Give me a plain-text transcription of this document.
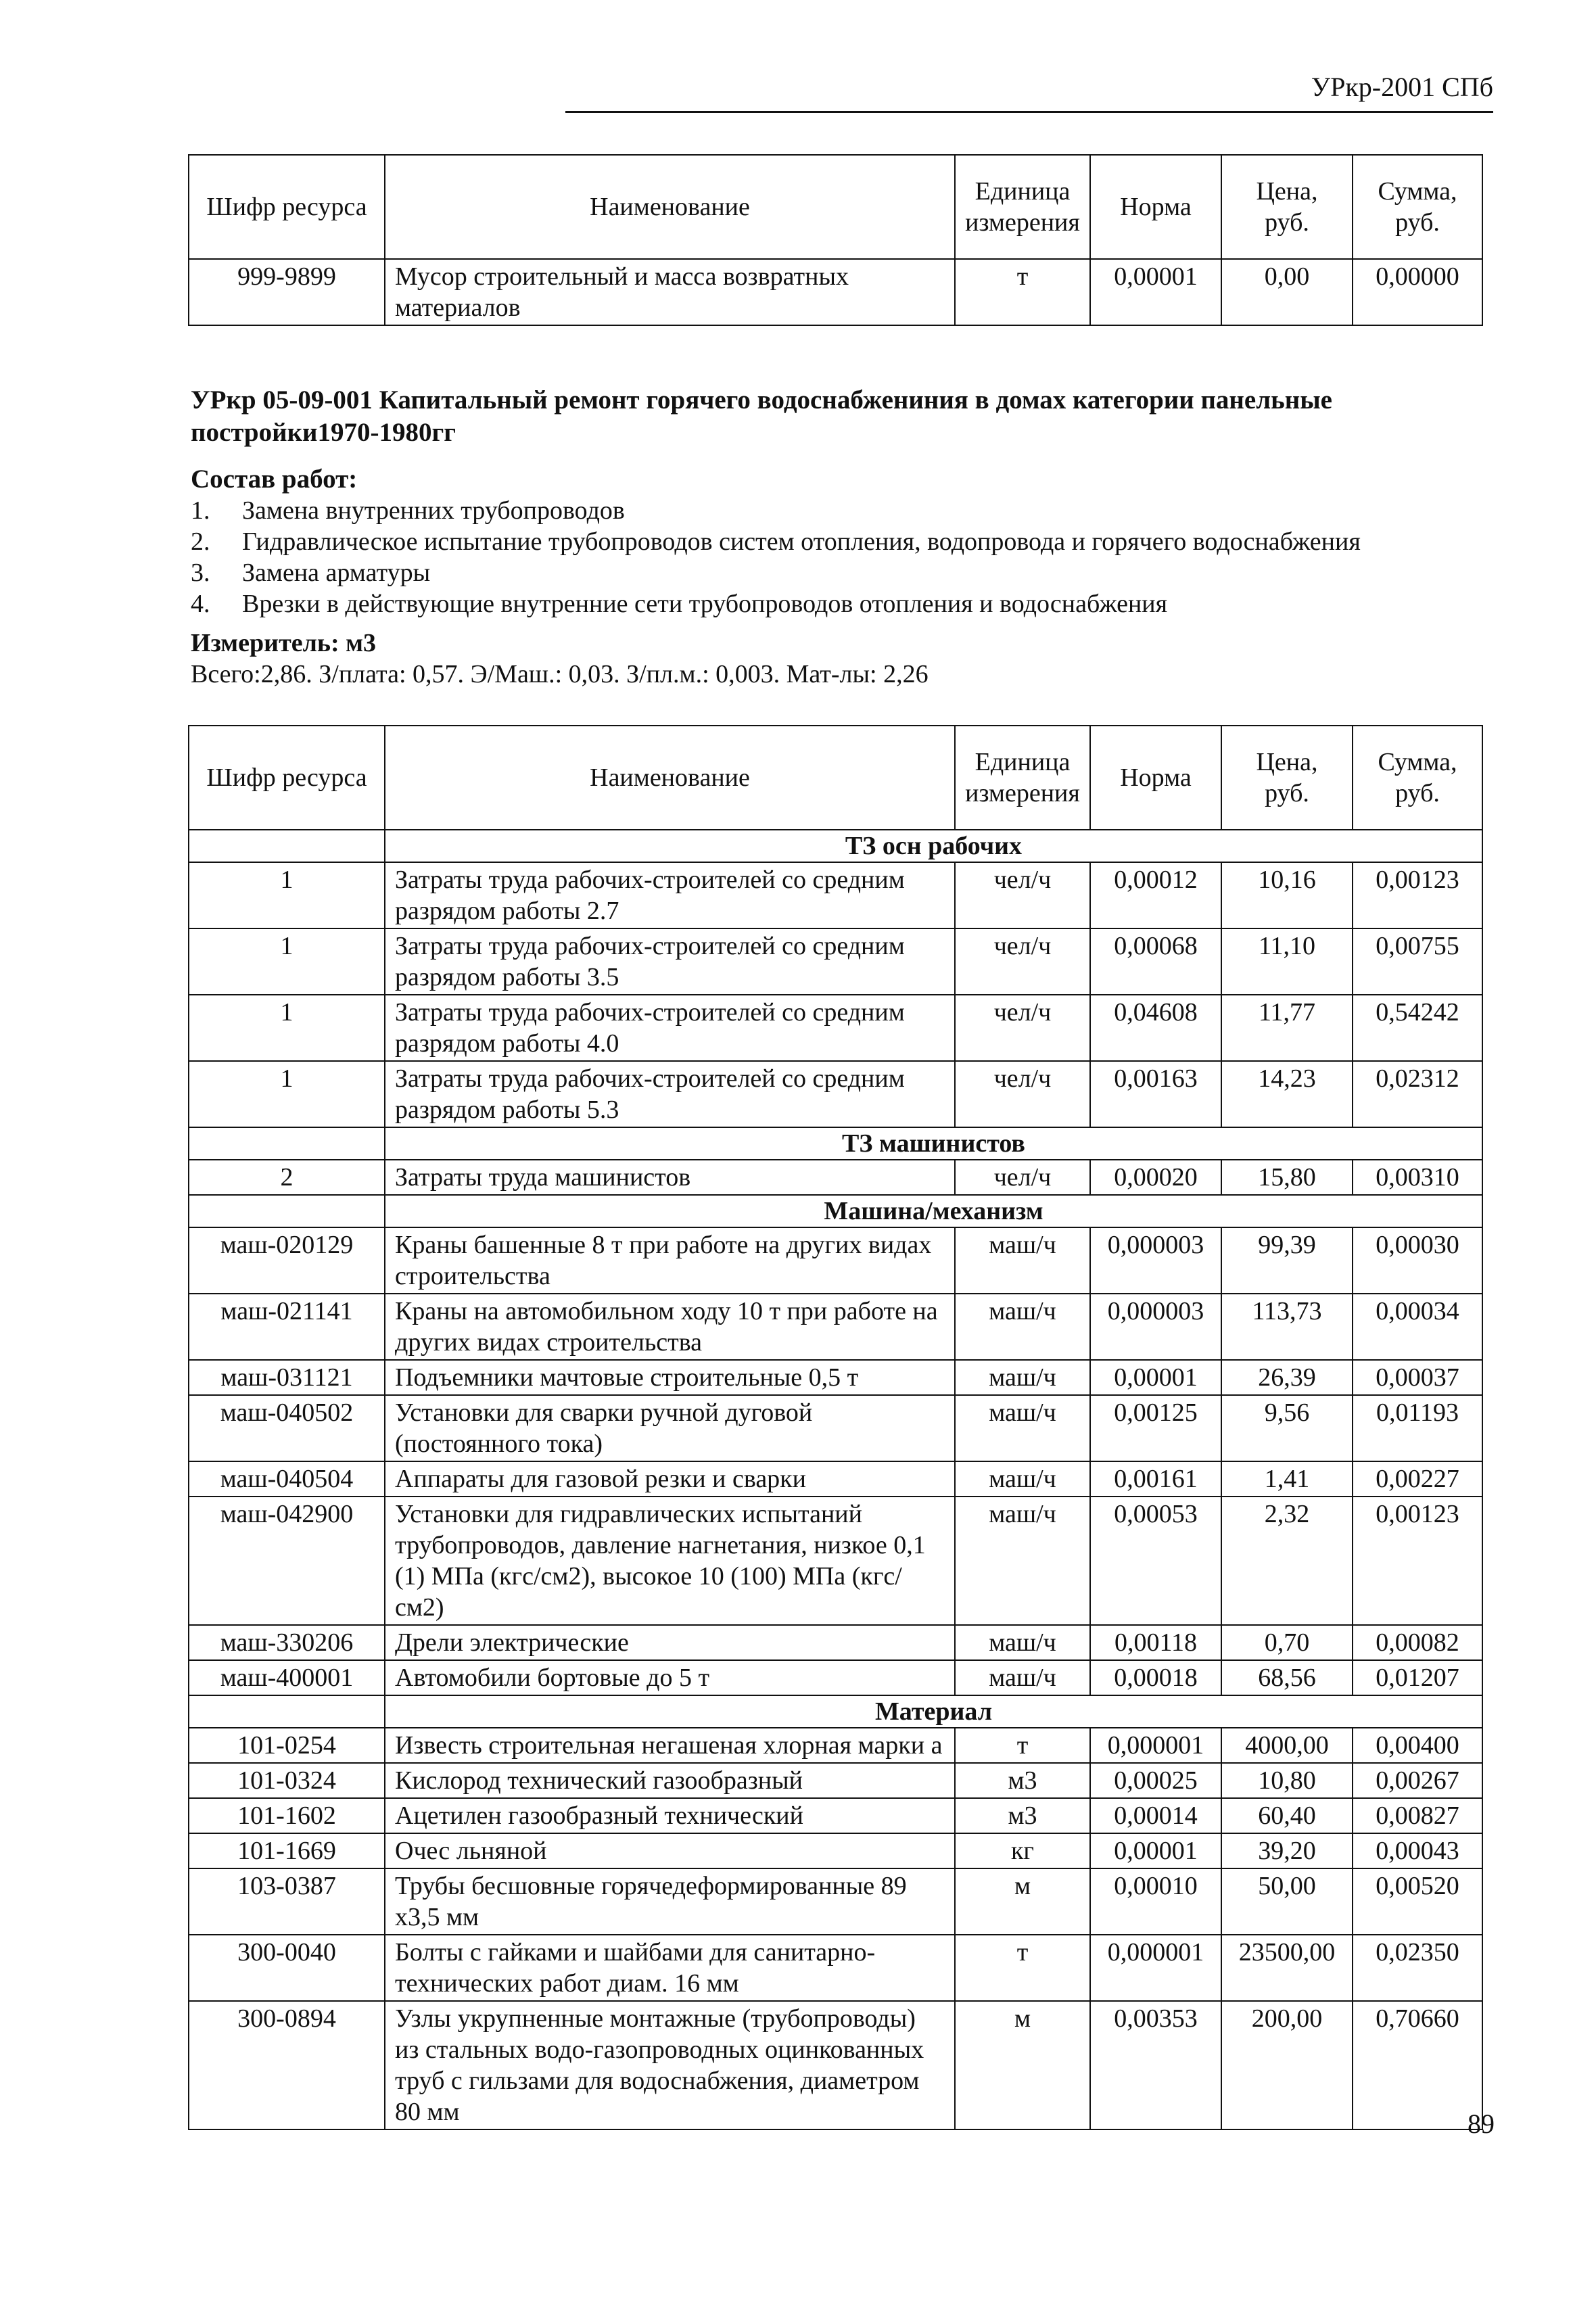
УРкр-2001 СПб
Шифр ресурса	Наименование	Единица измерения	Норма	Цена, руб.	Сумма, руб.
999-9899	Мусор строительный и масса возвратных материалов	т	0,00001	0,00	0,00000
УРкр 05-09-001 Капитальный ремонт горячего водоснабжениния в домах категории панельные постройки1970-1980гг
Состав работ:
1.	Замена внутренних трубопроводов
2.	Гидравлическое испытание трубопроводов систем отопления, водопровода и горячего водоснабжения
3.	Замена арматуры
4.	Врезки в действующие внутренние сети трубопроводов отопления и водоснабжения
Измеритель: м3
Всего:2,86. З/плата: 0,57. Э/Маш.: 0,03. З/пл.м.: 0,003. Мат-лы: 2,26
Шифр ресурса	Наименование	Единица измерения	Норма	Цена, руб.	Сумма, руб.
	ТЗ осн рабочих				
1	Затраты труда рабочих-строителей со средним разрядом работы 2.7	чел/ч	0,00012	10,16	0,00123
1	Затраты труда рабочих-строителей со средним разрядом работы 3.5	чел/ч	0,00068	11,10	0,00755
1	Затраты труда рабочих-строителей со средним разрядом работы 4.0	чел/ч	0,04608	11,77	0,54242
1	Затраты труда рабочих-строителей со средним разрядом работы 5.3	чел/ч	0,00163	14,23	0,02312
	ТЗ машинистов				
2	Затраты труда машинистов	чел/ч	0,00020	15,80	0,00310
	Машина/механизм				
маш-020129	Краны башенные 8 т при работе на других видах строительства	маш/ч	0,000003	99,39	0,00030
маш-021141	Краны на автомобильном ходу 10 т при работе на других видах строительства	маш/ч	0,000003	113,73	0,00034
маш-031121	Подъемники мачтовые строительные 0,5 т	маш/ч	0,00001	26,39	0,00037
маш-040502	Установки для сварки ручной дуговой (постоянного тока)	маш/ч	0,00125	9,56	0,01193
маш-040504	Аппараты для газовой резки и сварки	маш/ч	0,00161	1,41	0,00227
маш-042900	Установки для гидравлических испытаний трубопроводов, давление нагнетания, низкое 0,1 (1) МПа (кгс/см2), высокое 10 (100) МПа (кгс/см2)	маш/ч	0,00053	2,32	0,00123
маш-330206	Дрели электрические	маш/ч	0,00118	0,70	0,00082
маш-400001	Автомобили бортовые до 5 т	маш/ч	0,00018	68,56	0,01207
	Материал				
101-0254	Известь строительная негашеная хлорная марки а	т	0,000001	4000,00	0,00400
101-0324	Кислород технический газообразный	м3	0,00025	10,80	0,00267
101-1602	Ацетилен газообразный технический	м3	0,00014	60,40	0,00827
101-1669	Очес льняной	кг	0,00001	39,20	0,00043
103-0387	Трубы бесшовные горячедеформированные 89 х3,5 мм	м	0,00010	50,00	0,00520
300-0040	Болты с гайками и шайбами для санитарно-технических работ диам. 16 мм	т	0,000001	23500,00	0,02350
300-0894	Узлы укрупненные монтажные (трубопроводы) из стальных водо-газопроводных оцинкованных труб с гильзами для водоснабжения, диаметром 80 мм	м	0,00353	200,00	0,70660
89
